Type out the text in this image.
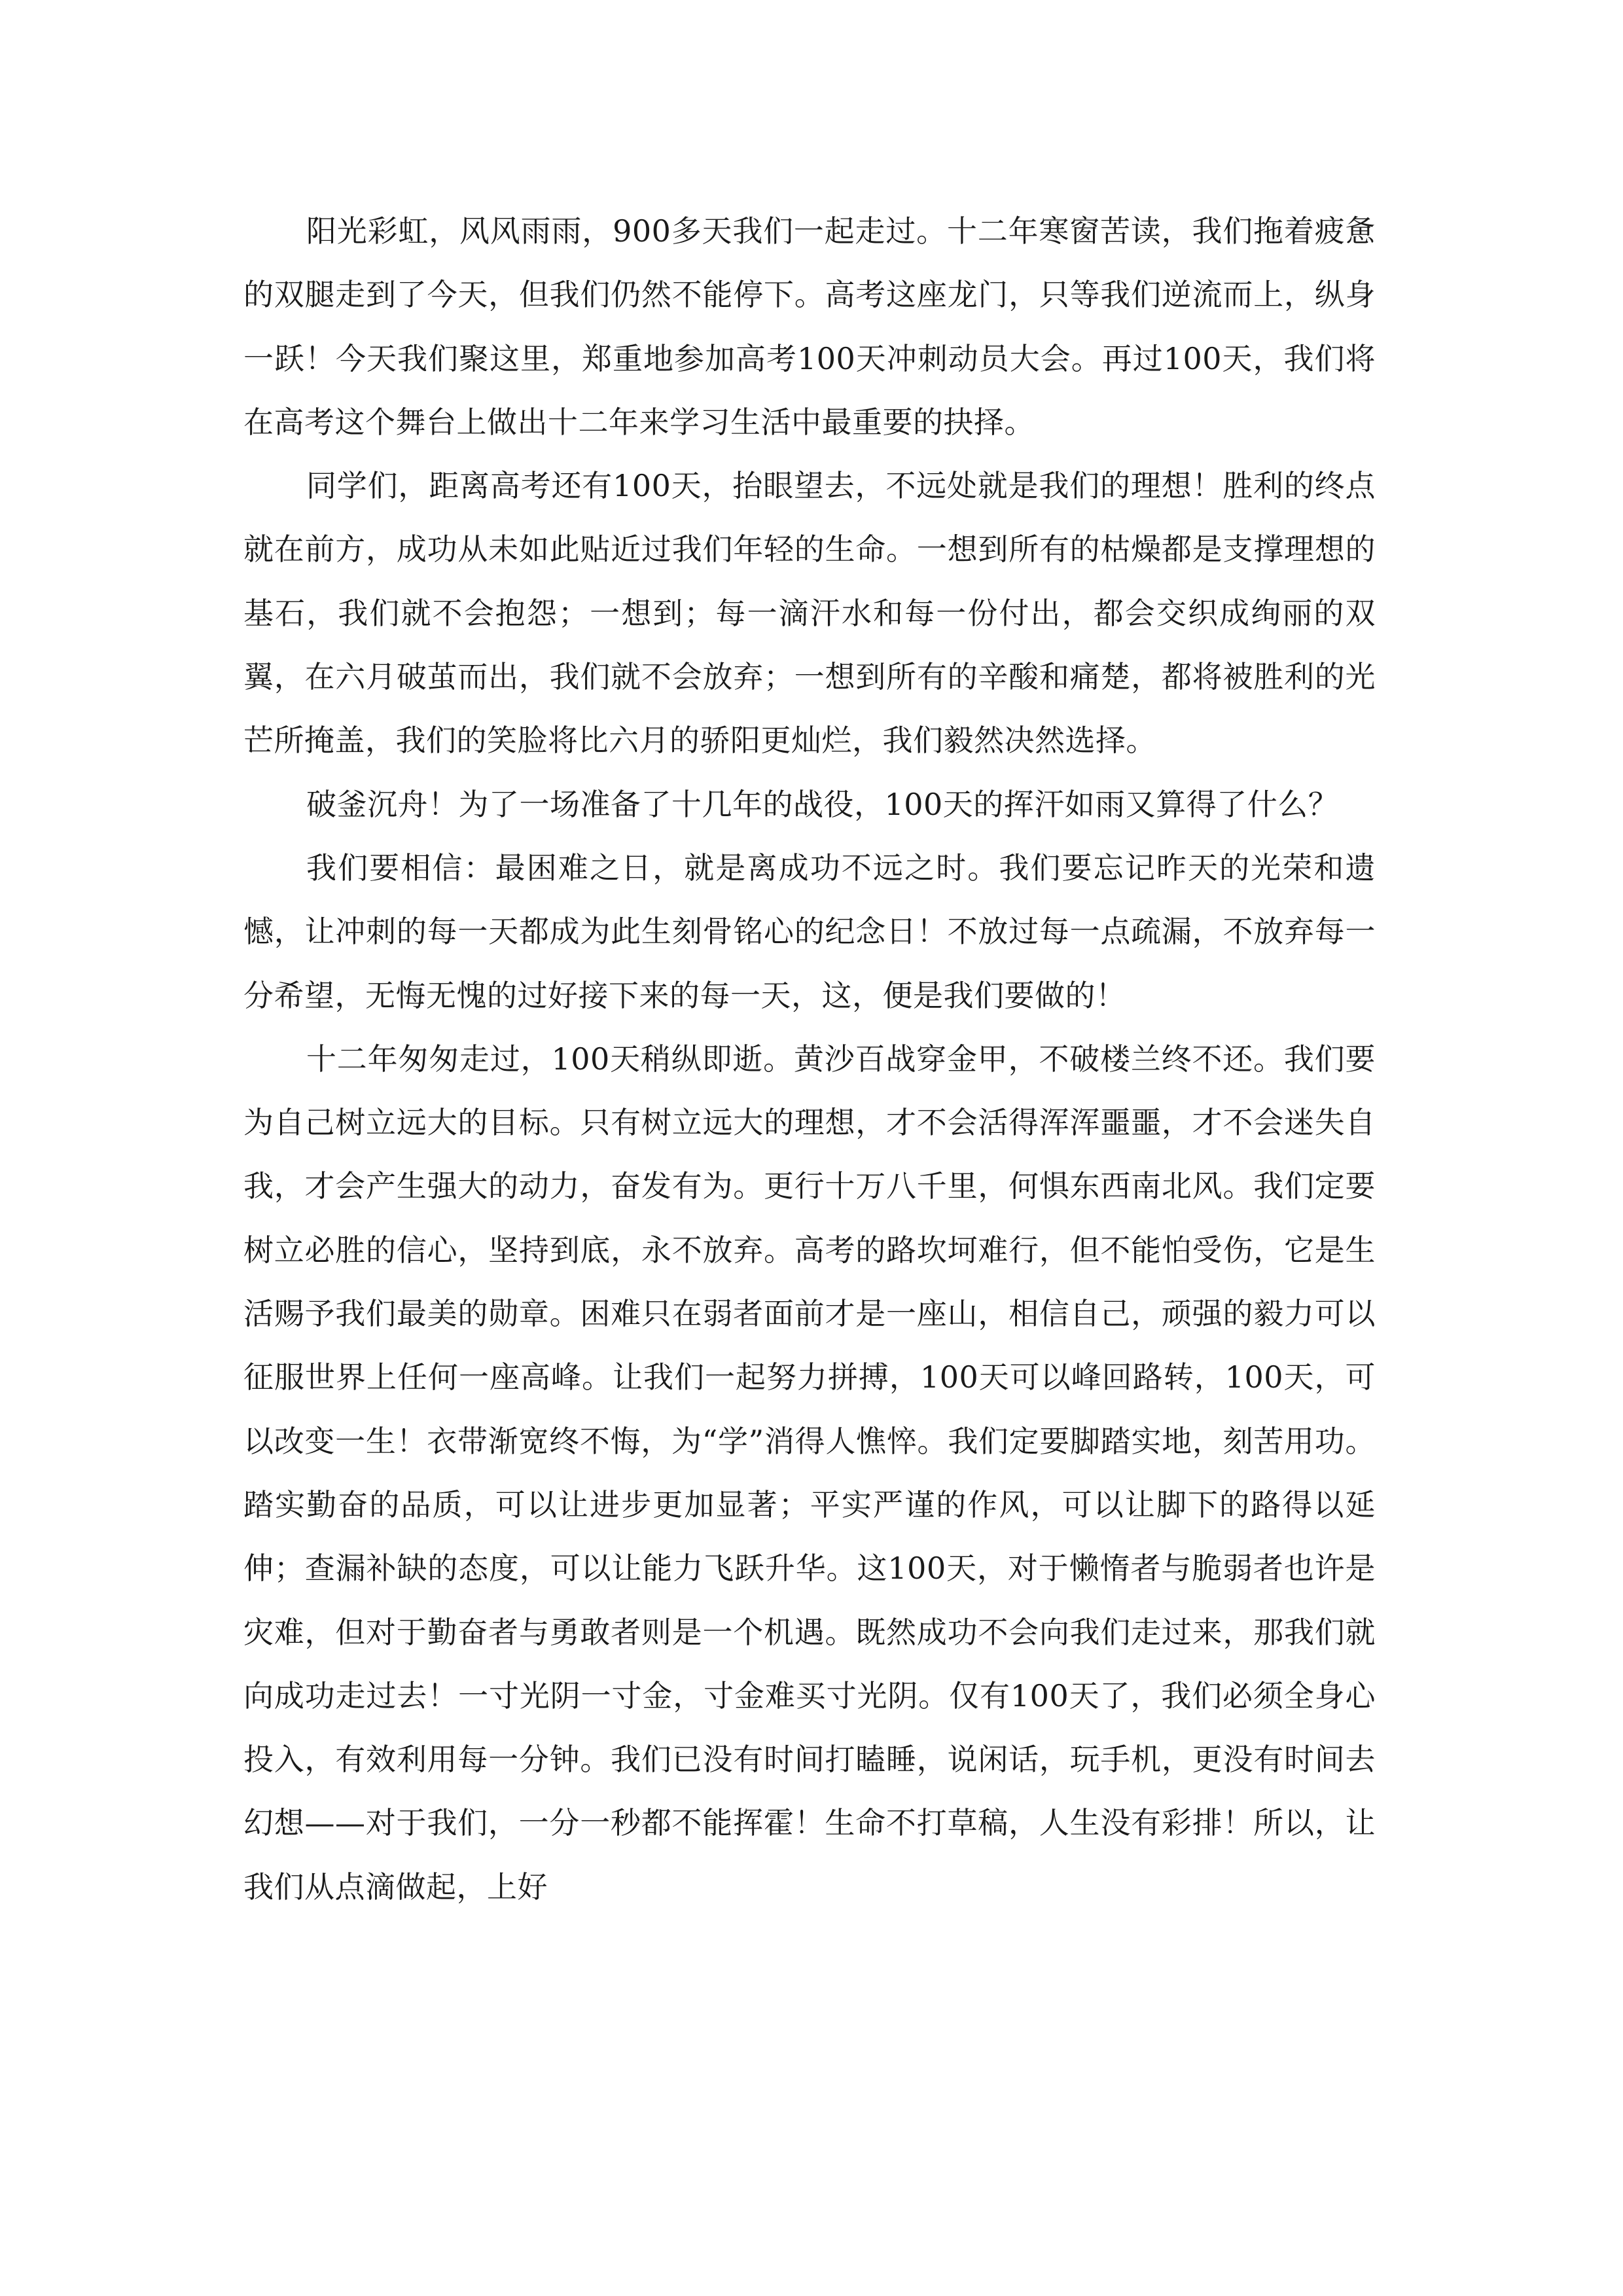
阳光彩虹，风风雨雨，900多天我们一起走过。十二年寒窗苦读，我们拖着疲惫的双腿走到了今天，但我们仍然不能停下。高考这座龙门，只等我们逆流而上，纵身一跃！今天我们聚这里，郑重地参加高考100天冲刺动员大会。再过100天，我们将在高考这个舞台上做出十二年来学习生活中最重要的抉择。

同学们，距离高考还有100天，抬眼望去，不远处就是我们的理想！胜利的终点就在前方，成功从未如此贴近过我们年轻的生命。一想到所有的枯燥都是支撑理想的基石，我们就不会抱怨；一想到；每一滴汗水和每一份付出，都会交织成绚丽的双翼，在六月破茧而出，我们就不会放弃；一想到所有的辛酸和痛楚，都将被胜利的光芒所掩盖，我们的笑脸将比六月的骄阳更灿烂，我们毅然决然选择。

破釜沉舟！为了一场准备了十几年的战役，100天的挥汗如雨又算得了什么？

我们要相信：最困难之日，就是离成功不远之时。我们要忘记昨天的光荣和遗憾，让冲刺的每一天都成为此生刻骨铭心的纪念日！不放过每一点疏漏，不放弃每一分希望，无悔无愧的过好接下来的每一天，这，便是我们要做的！

十二年匆匆走过，100天稍纵即逝。黄沙百战穿金甲，不破楼兰终不还。我们要为自己树立远大的目标。只有树立远大的理想，才不会活得浑浑噩噩，才不会迷失自我，才会产生强大的动力，奋发有为。更行十万八千里，何惧东西南北风。我们定要树立必胜的信心，坚持到底，永不放弃。高考的路坎坷难行，但不能怕受伤，它是生活赐予我们最美的勋章。困难只在弱者面前才是一座山，相信自己，顽强的毅力可以征服世界上任何一座高峰。让我们一起努力拼搏，100天可以峰回路转，100天，可以改变一生！衣带渐宽终不悔，为“学”消得人憔悴。我们定要脚踏实地，刻苦用功。踏实勤奋的品质，可以让进步更加显著；平实严谨的作风，可以让脚下的路得以延伸；查漏补缺的态度，可以让能力飞跃升华。这100天，对于懒惰者与脆弱者也许是灾难，但对于勤奋者与勇敢者则是一个机遇。既然成功不会向我们走过来，那我们就向成功走过去！一寸光阴一寸金，寸金难买寸光阴。仅有100天了，我们必须全身心投入，有效利用每一分钟。我们已没有时间打瞌睡，说闲话，玩手机，更没有时间去幻想——对于我们，一分一秒都不能挥霍！生命不打草稿，人生没有彩排！所以，让我们从点滴做起，上好
